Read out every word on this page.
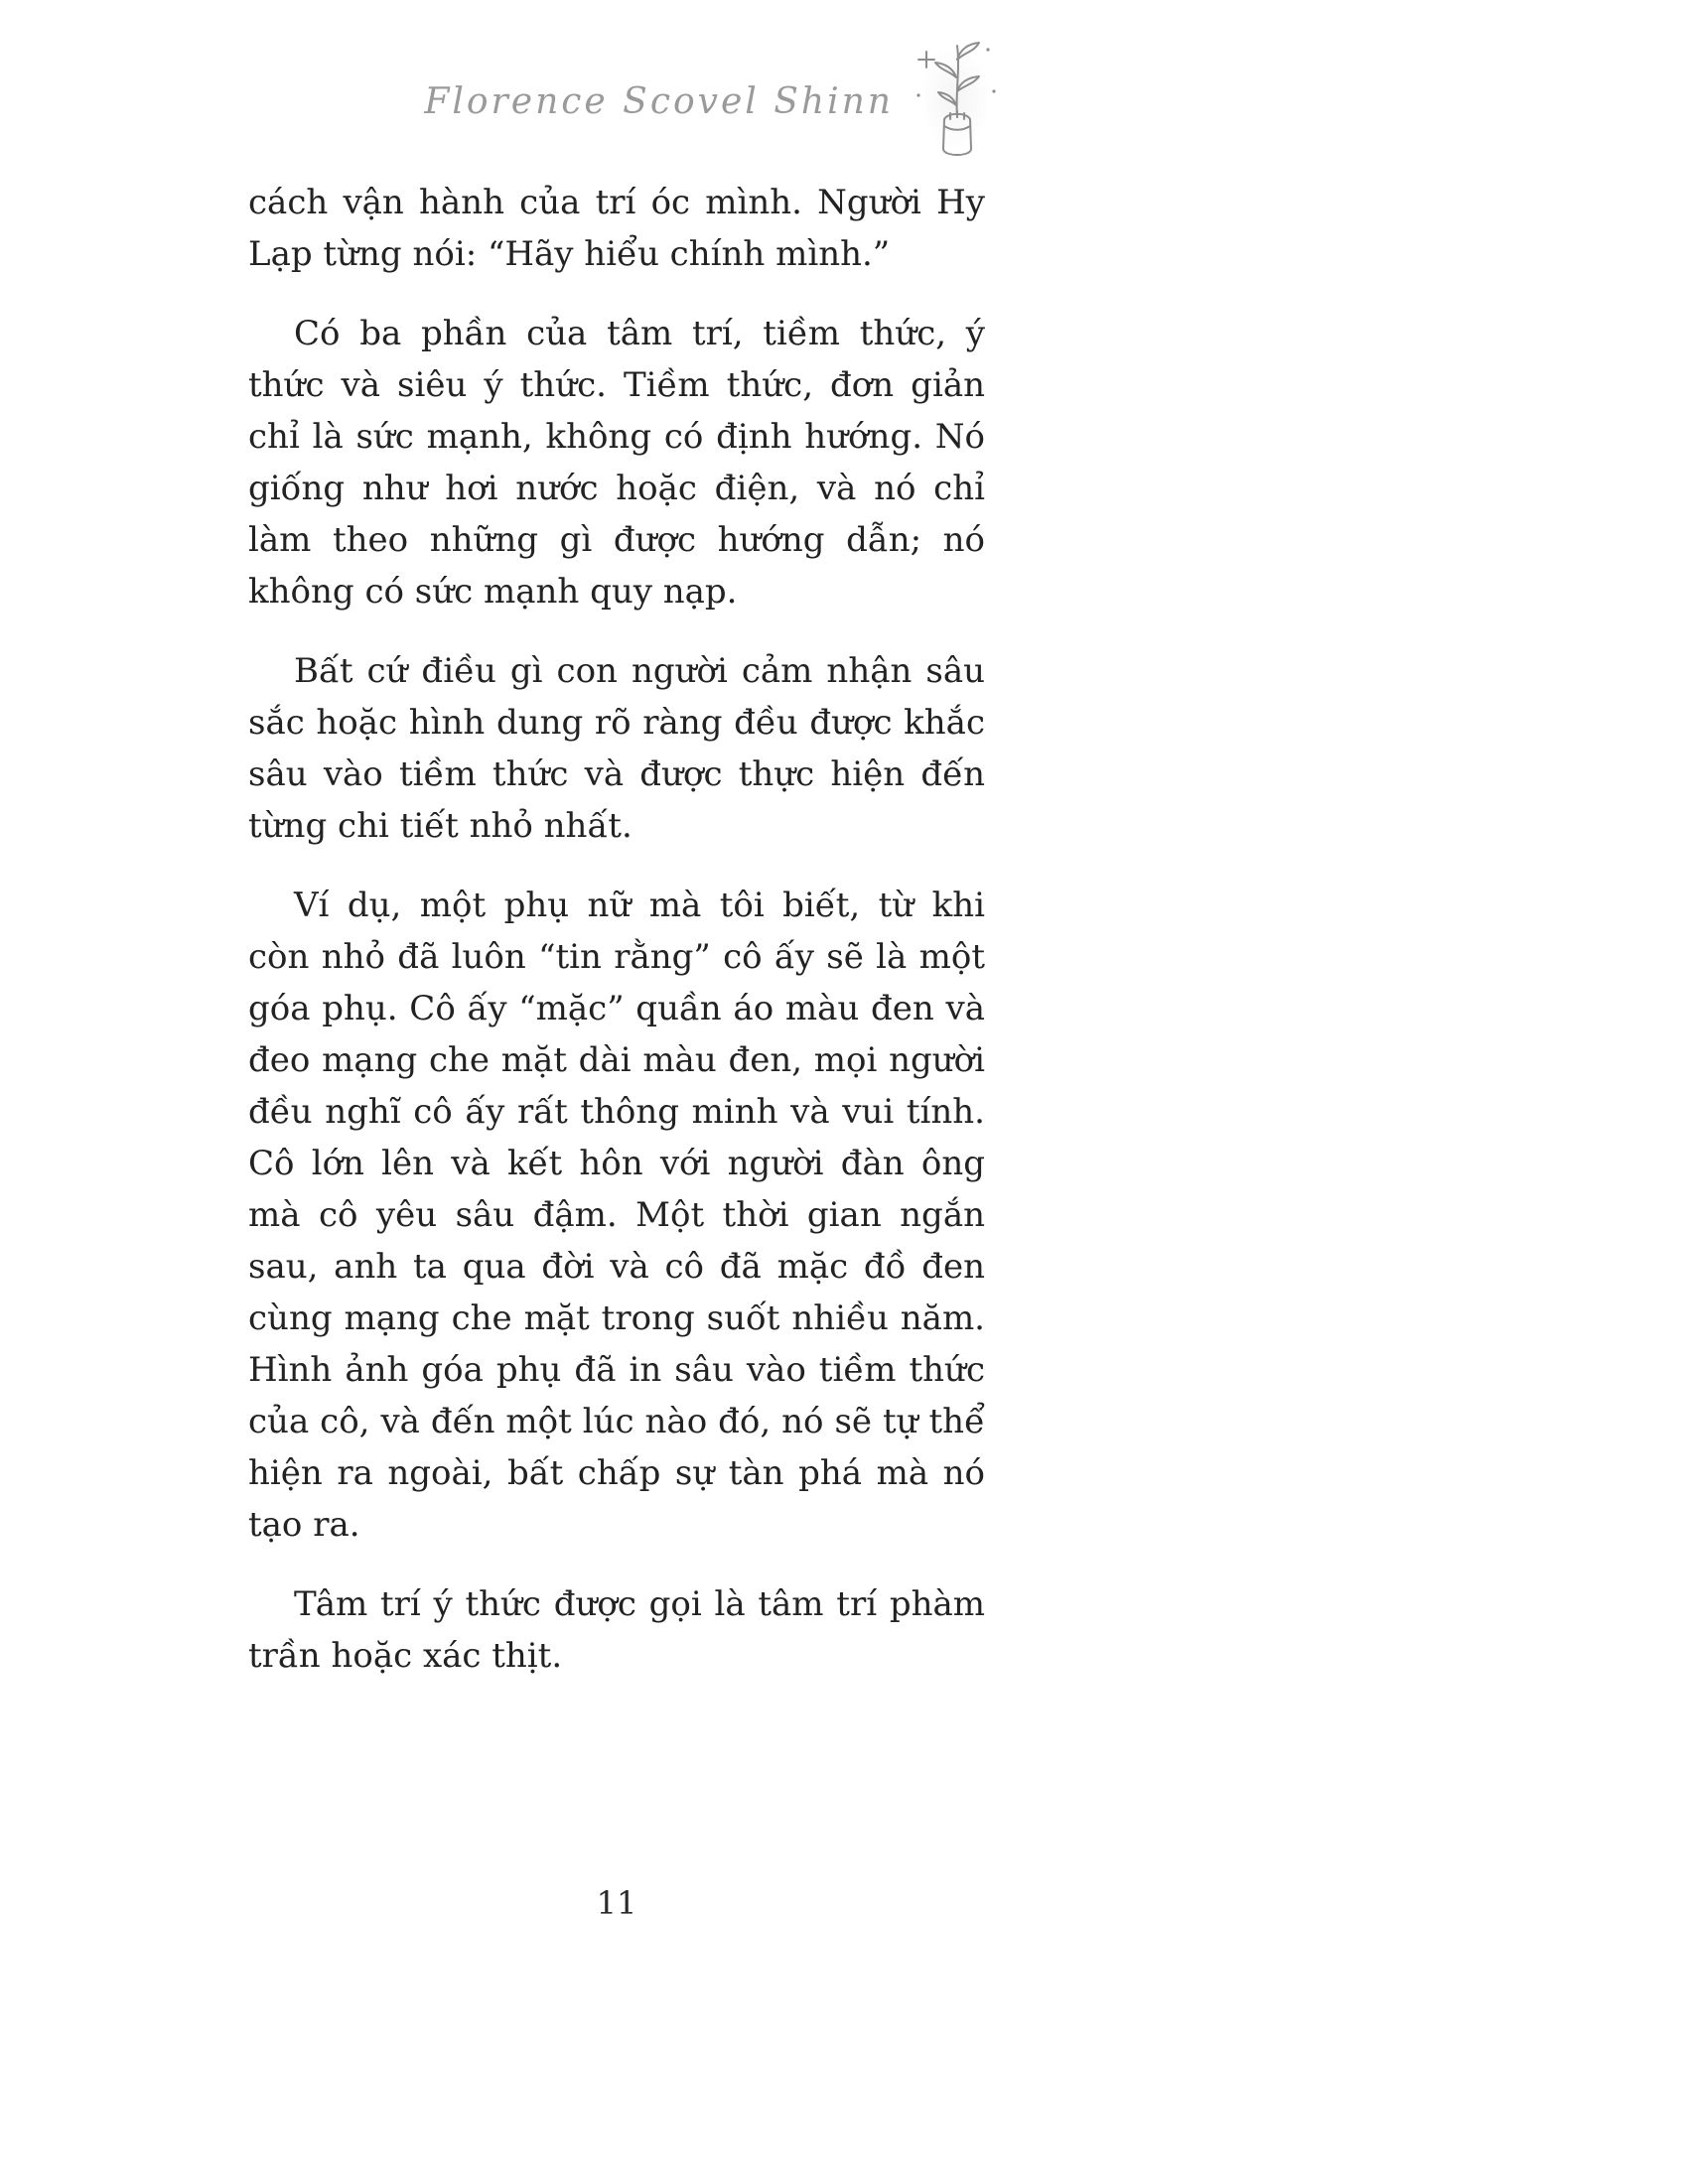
Florence Scovel Shinn

cách vận hành của trí óc mình. Người Hy Lạp từng nói: “Hãy hiểu chính mình.”

Có ba phần của tâm trí, tiềm thức, ý thức và siêu ý thức. Tiềm thức, đơn giản chỉ là sức mạnh, không có định hướng. Nó giống như hơi nước hoặc điện, và nó chỉ làm theo những gì được hướng dẫn; nó không có sức mạnh quy nạp.

Bất cứ điều gì con người cảm nhận sâu sắc hoặc hình dung rõ ràng đều được khắc sâu vào tiềm thức và được thực hiện đến từng chi tiết nhỏ nhất.

Ví dụ, một phụ nữ mà tôi biết, từ khi còn nhỏ đã luôn “tin rằng” cô ấy sẽ là một góa phụ. Cô ấy “mặc” quần áo màu đen và đeo mạng che mặt dài màu đen, mọi người đều nghĩ cô ấy rất thông minh và vui tính. Cô lớn lên và kết hôn với người đàn ông mà cô yêu sâu đậm. Một thời gian ngắn sau, anh ta qua đời và cô đã mặc đồ đen cùng mạng che mặt trong suốt nhiều năm. Hình ảnh góa phụ đã in sâu vào tiềm thức của cô, và đến một lúc nào đó, nó sẽ tự thể hiện ra ngoài, bất chấp sự tàn phá mà nó tạo ra.

Tâm trí ý thức được gọi là tâm trí phàm trần hoặc xác thịt.

11
